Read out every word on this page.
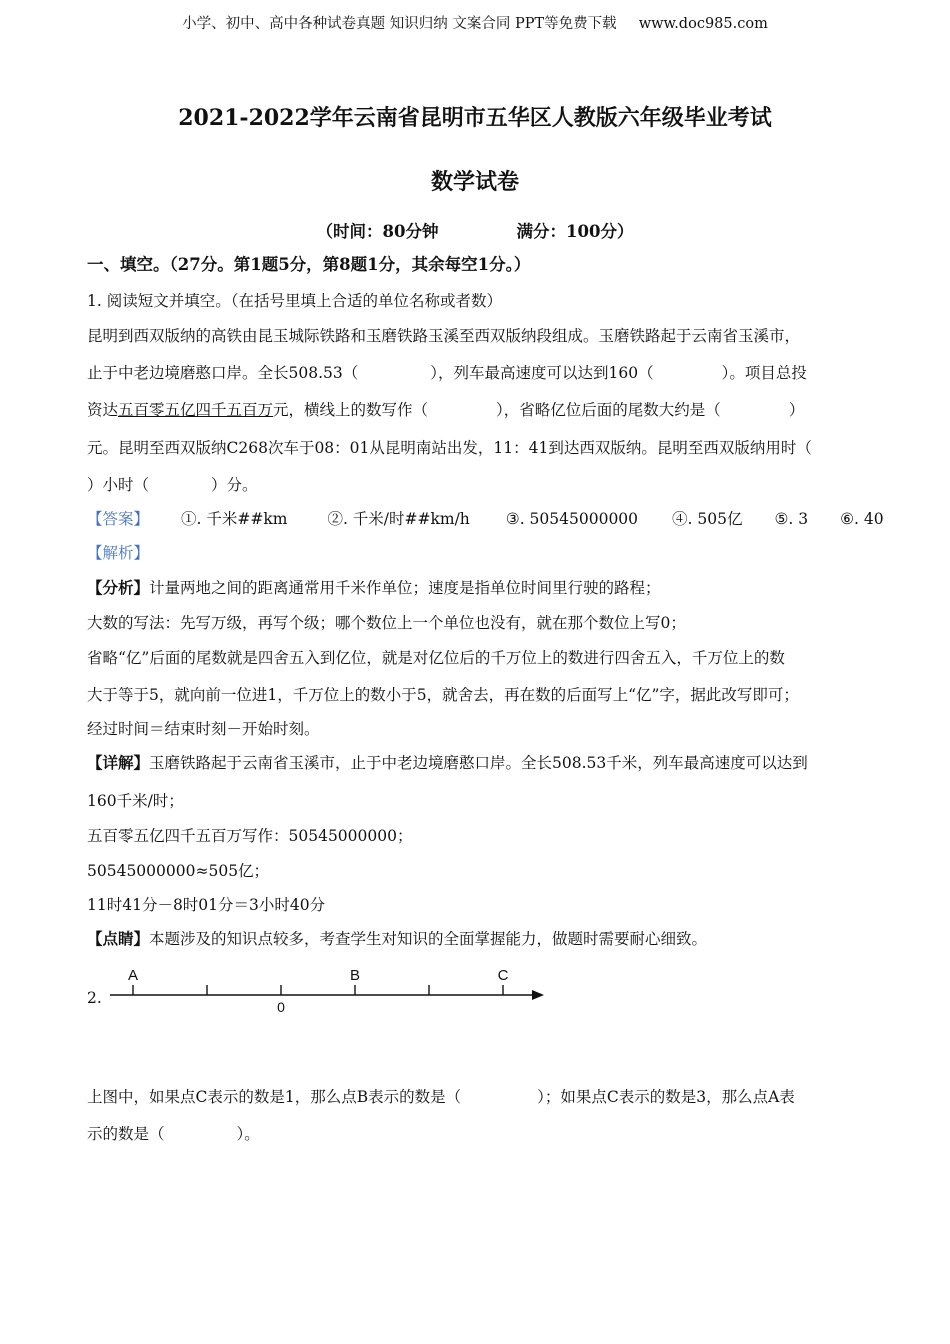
小学、初中、高中各种试卷真题 知识归纳 文案合同 PPT等免费下载 www.doc985.com
2021-2022学年云南省昆明市五华区人教版六年级毕业考试
数学试卷
（时间：80分钟	满分：100分）
一、填空。（27分。第1题5分，第8题1分，其余每空1分。）
1. 阅读短文并填空。（在括号里填上合适的单位名称或者数）
昆明到西双版纳的高铁由昆玉城际铁路和玉磨铁路玉溪至西双版纳段组成。玉磨铁路起于云南省玉溪市，
止于中老边境磨憨口岸。全长508.53（	），列车最高速度可以达到160（	）。项目总投
资达五百零五亿四千五百万元，横线上的数写作（	），省略亿位后面的尾数大约是（	）
元。昆明至西双版纳C268次车于08：01从昆明南站出发，11：41到达西双版纳。昆明至西双版纳用时（
）小时（	）分。
【答案】 ①. 千米##km	②. 千米/时##km/h ③. 50545000000 ④. 505亿 ⑤. 3 ⑥. 40
【解析】
【分析】计量两地之间的距离通常用千米作单位；速度是指单位时间里行驶的路程；
大数的写法：先写万级，再写个级；哪个数位上一个单位也没有，就在那个数位上写0；
省略“亿”后面的尾数就是四舍五入到亿位，就是对亿位后的千万位上的数进行四舍五入，千万位上的数
大于等于5，就向前一位进1，千万位上的数小于5，就舍去，再在数的后面写上“亿”字，据此改写即可；
经过时间＝结束时刻－开始时刻。
【详解】玉磨铁路起于云南省玉溪市，止于中老边境磨憨口岸。全长508.53千米，列车最高速度可以达到
160千米/时；
五百零五亿四千五百万写作：50545000000；
50545000000≈505亿；
11时41分－8时01分＝3小时40分
【点睛】本题涉及的知识点较多，考查学生对知识的全面掌握能力，做题时需要耐心细致。
2.
A	B	C
0
上图中，如果点C表示的数是1，那么点B表示的数是（	）；如果点C表示的数是3，那么点A表
示的数是（	）。
